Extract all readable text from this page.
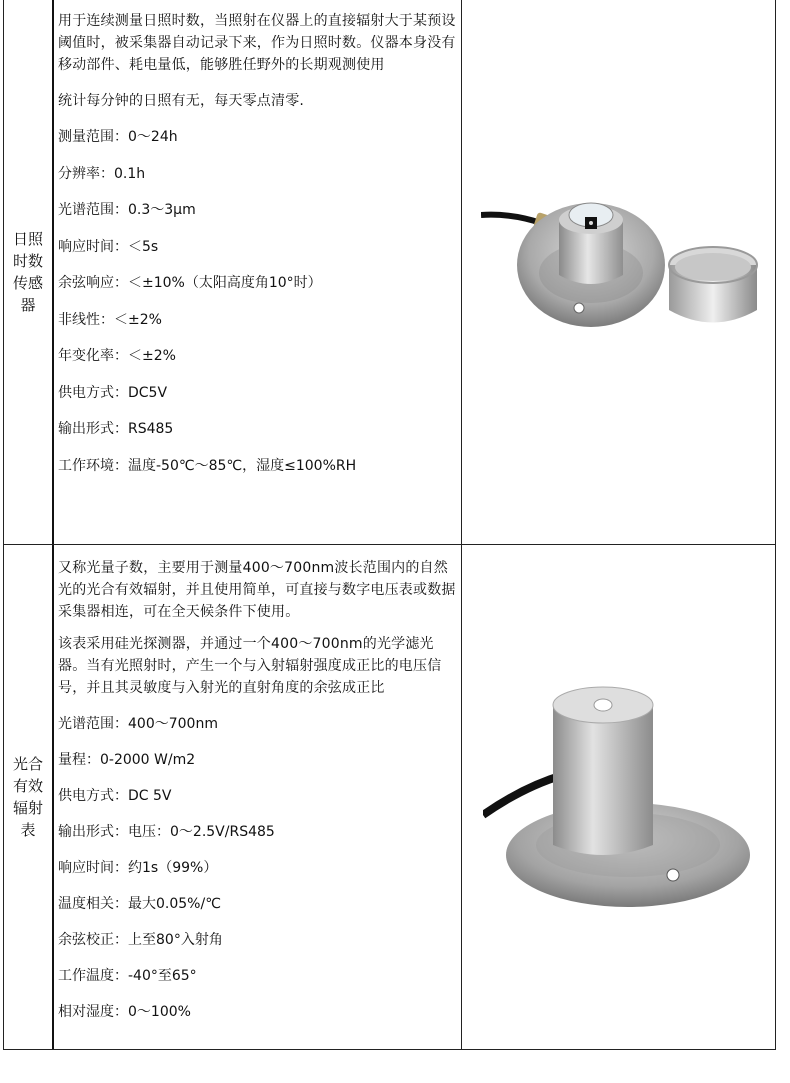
日照时数传感器

用于连续测量日照时数，当照射在仪器上的直接辐射大于某预设阈值时，被采集器自动记录下来，作为日照时数。仪器本身没有移动部件、耗电量低，能够胜任野外的长期观测使用

统计每分钟的日照有无，每天零点清零.

测量范围：0～24h

分辨率：0.1h

光谱范围：0.3～3μm

响应时间：＜5s

余弦响应：＜±10%（太阳高度角10°时）

非线性：＜±2%

年变化率：＜±2%

供电方式：DC5V

输出形式：RS485

工作环境：温度-50℃～85℃，湿度≤100%RH

光合有效辐射表

又称光量子数，主要用于测量400～700nm波长范围内的自然光的光合有效辐射，并且使用简单，可直接与数字电压表或数据采集器相连，可在全天候条件下使用。

该表采用硅光探测器，并通过一个400～700nm的光学滤光器。当有光照射时，产生一个与入射辐射强度成正比的电压信号，并且其灵敏度与入射光的直射角度的余弦成正比

光谱范围：400～700nm

量程：0-2000 W/m2

供电方式：DC 5V

输出形式：电压：0～2.5V/RS485

响应时间：约1s（99%）

温度相关：最大0.05%/℃

余弦校正：上至80°入射角

工作温度：-40°至65°

相对湿度：0～100%
